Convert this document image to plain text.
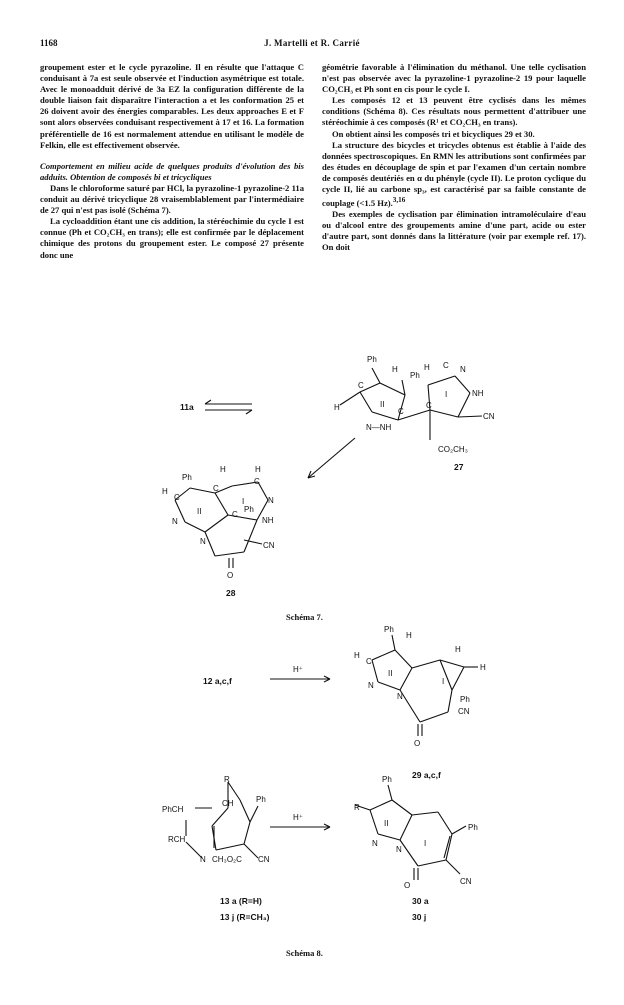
1168	J. Martelli et R. Carrié

groupement ester et le cycle pyrazoline. Il en résulte que l'attaque C conduisant à 7a est seule observée et l'induction asymétrique est totale. Avec le monoadduit dérivé de 3a EZ la configuration différente de la double liaison fait disparaître l'interaction a et les conformation 25 et 26 doivent avoir des énergies comparables. Les deux approaches E et F sont alors observées conduisant respectivement à 17 et 16. La formation préférentielle de 16 est normalement attendue en utilisant le modèle de Felkin, elle est effectivement observée.

Comportement en milieu acide de quelques produits d'évolution des bis adduits. Obtention de composés bi et tricycliques

Dans le chloroforme saturé par HCl, la pyrazoline-1 pyrazoline-2 11a conduit au dérivé tricyclique 28 vraisemblablement par l'intermédiaire de 27 qui n'est pas isolé (Schéma 7).

La cycloaddition étant une cis addition, la stéréochimie du cycle I est connue (Ph et CO₂CH₃ en trans); elle est confirmée par le déplacement chimique des protons du groupement ester. Le composé 27 présente donc une

géométrie favorable à l'élimination du méthanol. Une telle cyclisation n'est pas observée avec la pyrazoline-1 pyrazoline-2 19 pour laquelle CO₂CH₃ et Ph sont en cis pour le cycle I.

Les composés 12 et 13 peuvent être cyclisés dans les mêmes conditions (Schéma 8). Ces résultats nous permettent d'attribuer une stéréochimie à ces composés (R¹ et CO₂CH₃ en trans).

On obtient ainsi les composés tri et bicycliques 29 et 30.

La structure des bicycles et tricycles obtenus est établie à l'aide des données spectroscopiques. En RMN les attributions sont confirmées par des études en découplage de spin et par l'examen d'un certain nombre de composés deutériés en α du phényle (cycle II). Le proton cyclique du cycle II, lié au carbone sp₃, est caractérisé par sa faible constante de couplage (<1.5 Hz).$^{3,16}$

Des exemples de cyclisation par élimination intramoléculaire d'eau ou d'alcool entre des groupements amine d'une part, acide ou ester d'autre part, sont donnés dans la littérature (voir par exemple ref. 17). On doit

11a
Ph
H
Ph
H C N
NH
CN
I
II
C
C
C
H
N—NH
CO₂CH₃
27
Ph
H	H
H
C
C
C
C
N
N
N
NH
Ph
CN
O
I
II
28
12 a,c,f
H⁺
Ph
H
H
H
H
Ph
CN
O
N
N
C
I
II
29 a,c,f
R
CH	Ph
PhCH
RCH
N CH₃O₂C CN
H⁺
R
Ph
Ph
N
N
CN
O
I
II
13 a (R=H)
13 j (R=CH₃)
30 a
30 j
Schéma 7.
Schéma 8.
